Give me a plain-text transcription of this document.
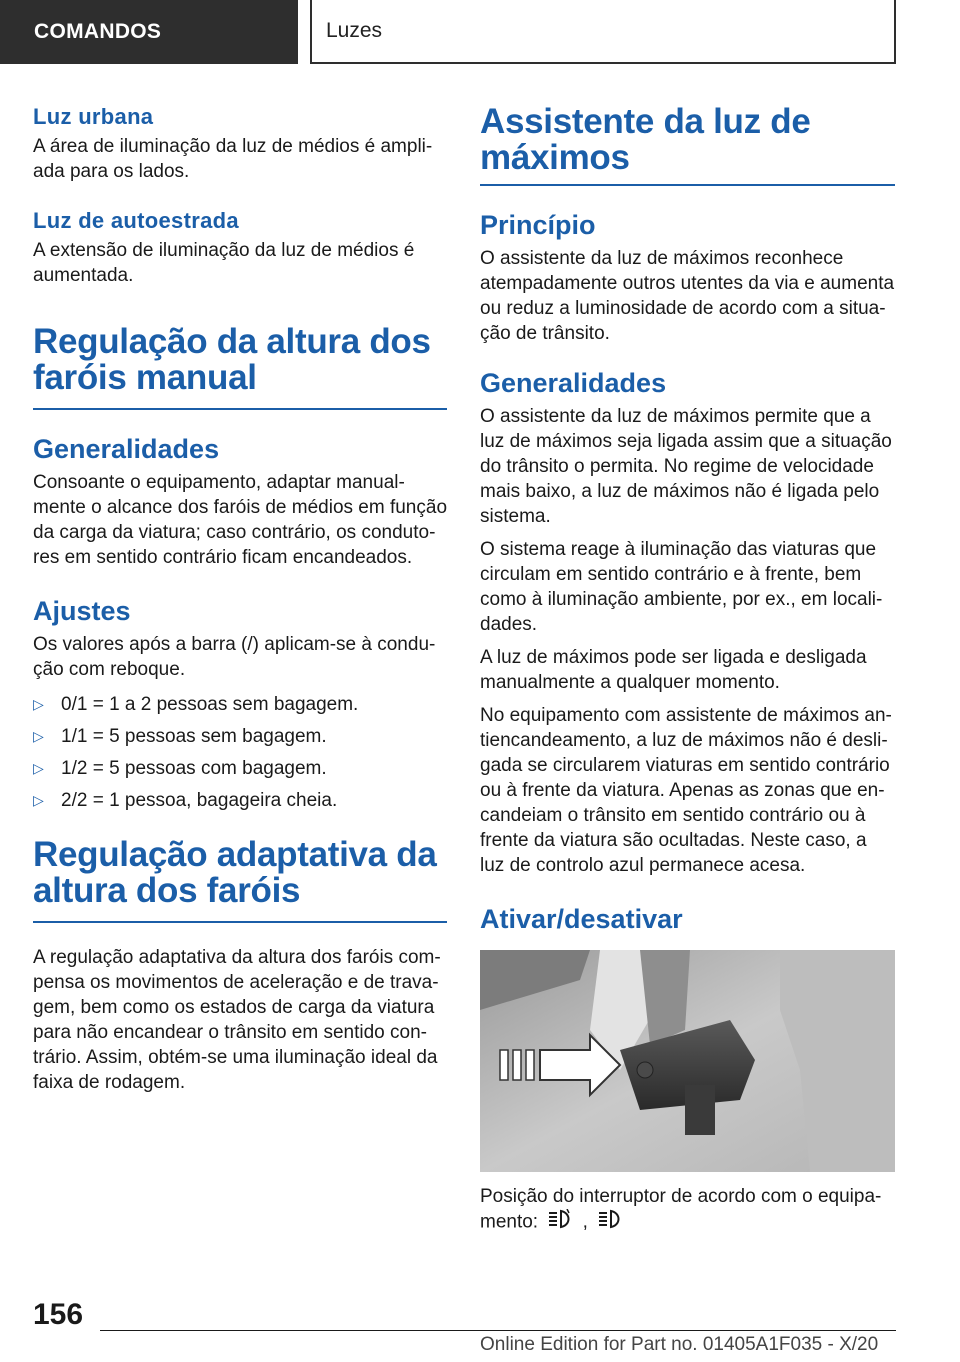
COMANDOS	Luzes
Luz urbana

A área de iluminação da luz de médios é ampliada para os lados.

Luz de autoestrada

A extensão de iluminação da luz de médios é aumentada.

Regulação da altura dos faróis manual
Generalidades

Consoante o equipamento, adaptar manualmente o alcance dos faróis de médios em função da carga da viatura; caso contrário, os condutores em sentido contrário ficam encandeados.

Ajustes

Os valores após a barra (/) aplicam-se à condução com reboque.

▷ 0/1 = 1 a 2 pessoas sem bagagem.
▷ 1/1 = 5 pessoas sem bagagem.
▷ 1/2 = 5 pessoas com bagagem.
▷ 2/2 = 1 pessoa, bagageira cheia.
Regulação adaptativa da altura dos faróis

A regulação adaptativa da altura dos faróis compensa os movimentos de aceleração e de travagem, bem como os estados de carga da viatura para não encandear o trânsito em sentido contrário. Assim, obtém-se uma iluminação ideal da faixa de rodagem.

Assistente da luz de máximos
Princípio

O assistente da luz de máximos reconhece atempadamente outros utentes da via e aumenta ou reduz a luminosidade de acordo com a situação de trânsito.

Generalidades

O assistente da luz de máximos permite que a luz de máximos seja ligada assim que a situação do trânsito o permita. No regime de velocidade mais baixo, a luz de máximos não é ligada pelo sistema.

O sistema reage à iluminação das viaturas que circulam em sentido contrário e à frente, bem como à iluminação ambiente, por ex., em localidades.

A luz de máximos pode ser ligada e desligada manualmente a qualquer momento.

No equipamento com assistente de máximos antiencandeamento, a luz de máximos não é desligada se circularem viaturas em sentido contrário ou à frente da viatura. Apenas as zonas que encandeiam o trânsito em sentido contrário ou à frente da viatura são ocultadas. Neste caso, a luz de controlo azul permanece acesa.

Ativar/desativar

Posição do interruptor de acordo com o equipamento: ,

156
Online Edition for Part no. 01405A1F035 - X/20
